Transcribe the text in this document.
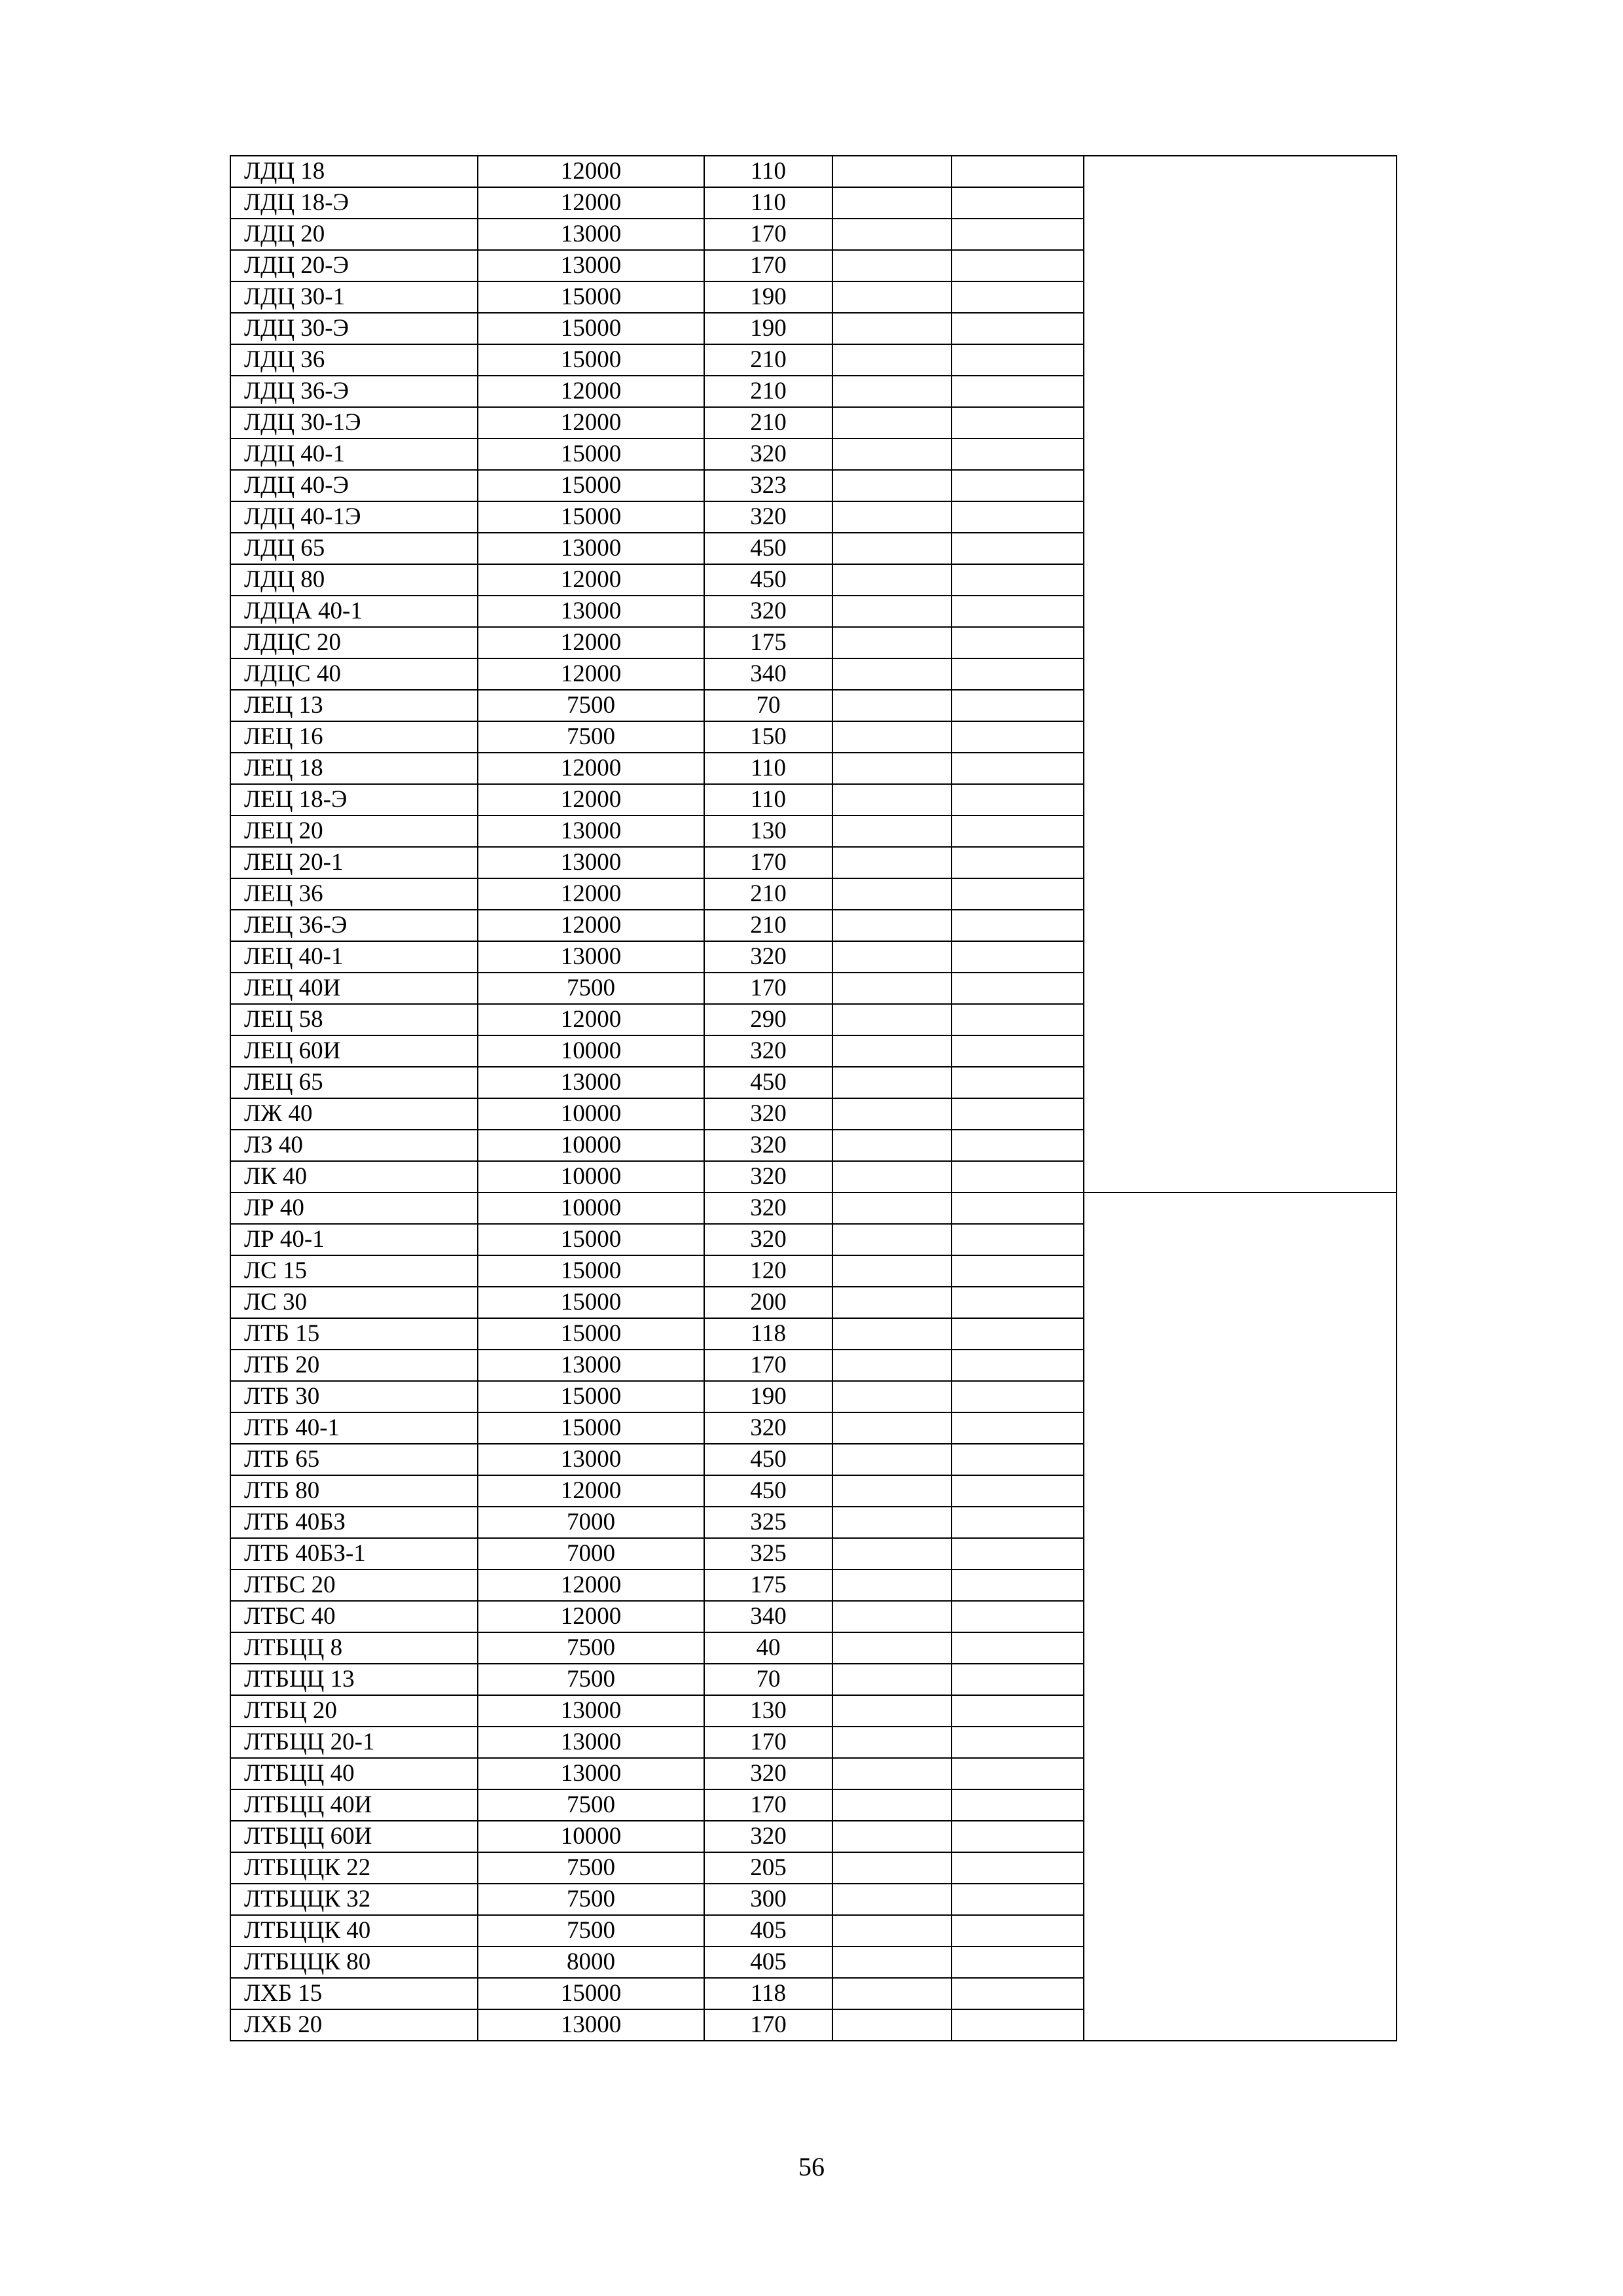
ЛДЦ 18	12000	110			
ЛДЦ 18-Э	12000	110			
ЛДЦ 20	13000	170			
ЛДЦ 20-Э	13000	170			
ЛДЦ 30-1	15000	190			
ЛДЦ 30-Э	15000	190			
ЛДЦ 36	15000	210			
ЛДЦ 36-Э	12000	210			
ЛДЦ 30-1Э	12000	210			
ЛДЦ 40-1	15000	320			
ЛДЦ 40-Э	15000	323			
ЛДЦ 40-1Э	15000	320			
ЛДЦ 65	13000	450			
ЛДЦ 80	12000	450			
ЛДЦА 40-1	13000	320			
ЛДЦС 20	12000	175			
ЛДЦС 40	12000	340			
ЛЕЦ 13	7500	70			
ЛЕЦ 16	7500	150			
ЛЕЦ 18	12000	110			
ЛЕЦ 18-Э	12000	110			
ЛЕЦ 20	13000	130			
ЛЕЦ 20-1	13000	170			
ЛЕЦ 36	12000	210			
ЛЕЦ 36-Э	12000	210			
ЛЕЦ 40-1	13000	320			
ЛЕЦ 40И	7500	170			
ЛЕЦ 58	12000	290			
ЛЕЦ 60И	10000	320			
ЛЕЦ 65	13000	450			
ЛЖ 40	10000	320			
ЛЗ 40	10000	320			
ЛК 40	10000	320			
ЛР 40	10000	320			
ЛР 40-1	15000	320			
ЛС 15	15000	120			
ЛС 30	15000	200			
ЛТБ 15	15000	118			
ЛТБ 20	13000	170			
ЛТБ 30	15000	190			
ЛТБ 40-1	15000	320			
ЛТБ 65	13000	450			
ЛТБ 80	12000	450			
ЛТБ 40БЗ	7000	325			
ЛТБ 40БЗ-1	7000	325			
ЛТБС 20	12000	175			
ЛТБС 40	12000	340			
ЛТБЦЦ 8	7500	40			
ЛТБЦЦ 13	7500	70			
ЛТБЦ 20	13000	130			
ЛТБЦЦ 20-1	13000	170			
ЛТБЦЦ 40	13000	320			
ЛТБЦЦ 40И	7500	170			
ЛТБЦЦ 60И	10000	320			
ЛТБЦЦК 22	7500	205			
ЛТБЦЦК 32	7500	300			
ЛТБЦЦК 40	7500	405			
ЛТБЦЦК 80	8000	405			
ЛХБ 15	15000	118			
ЛХБ 20	13000	170			
56
